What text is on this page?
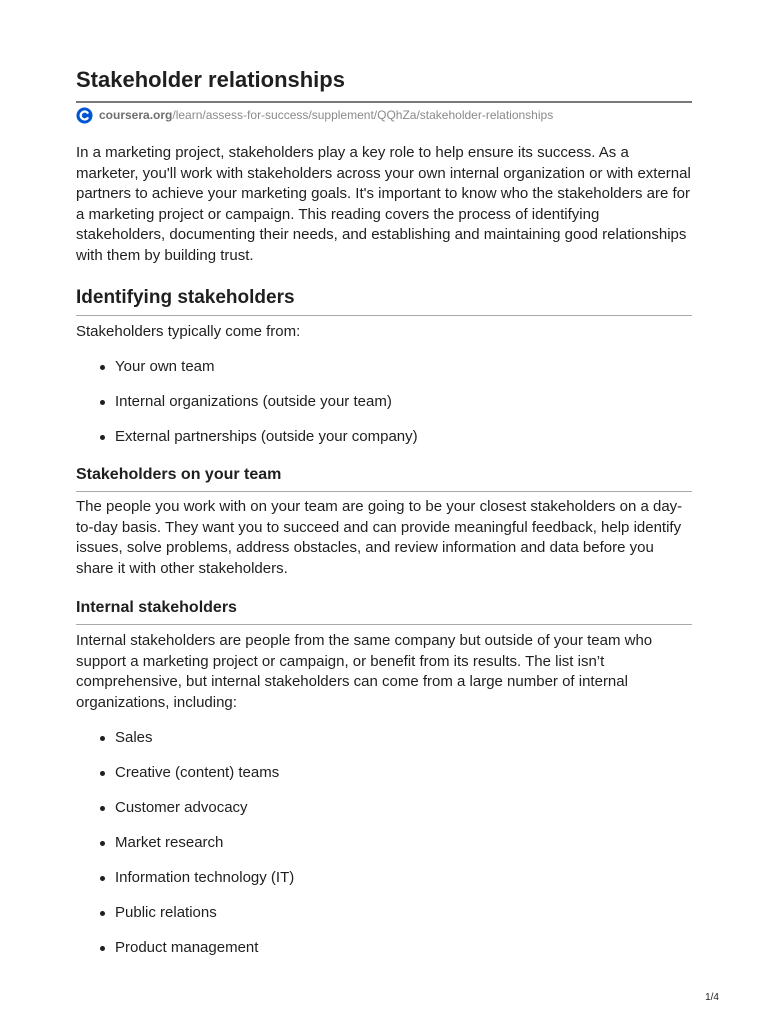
Stakeholder relationships
coursera.org/learn/assess-for-success/supplement/QQhZa/stakeholder-relationships

In a marketing project, stakeholders play a key role to help ensure its success. As a marketer, you'll work with stakeholders across your own internal organization or with external partners to achieve your marketing goals. It's important to know who the stakeholders are for a marketing project or campaign. This reading covers the process of identifying stakeholders, documenting their needs, and establishing and maintaining good relationships with them by building trust.

Identifying stakeholders

Stakeholders typically come from:

Your own team
Internal organizations (outside your team)
External partnerships (outside your company)
Stakeholders on your team

The people you work with on your team are going to be your closest stakeholders on a day-to-day basis. They want you to succeed and can provide meaningful feedback, help identify issues, solve problems, address obstacles, and review information and data before you share it with other stakeholders.

Internal stakeholders

Internal stakeholders are people from the same company but outside of your team who support a marketing project or campaign, or benefit from its results. The list isn’t comprehensive, but internal stakeholders can come from a large number of internal organizations, including:

Sales
Creative (content) teams
Customer advocacy
Market research
Information technology (IT)
Public relations
Product management
1/4
